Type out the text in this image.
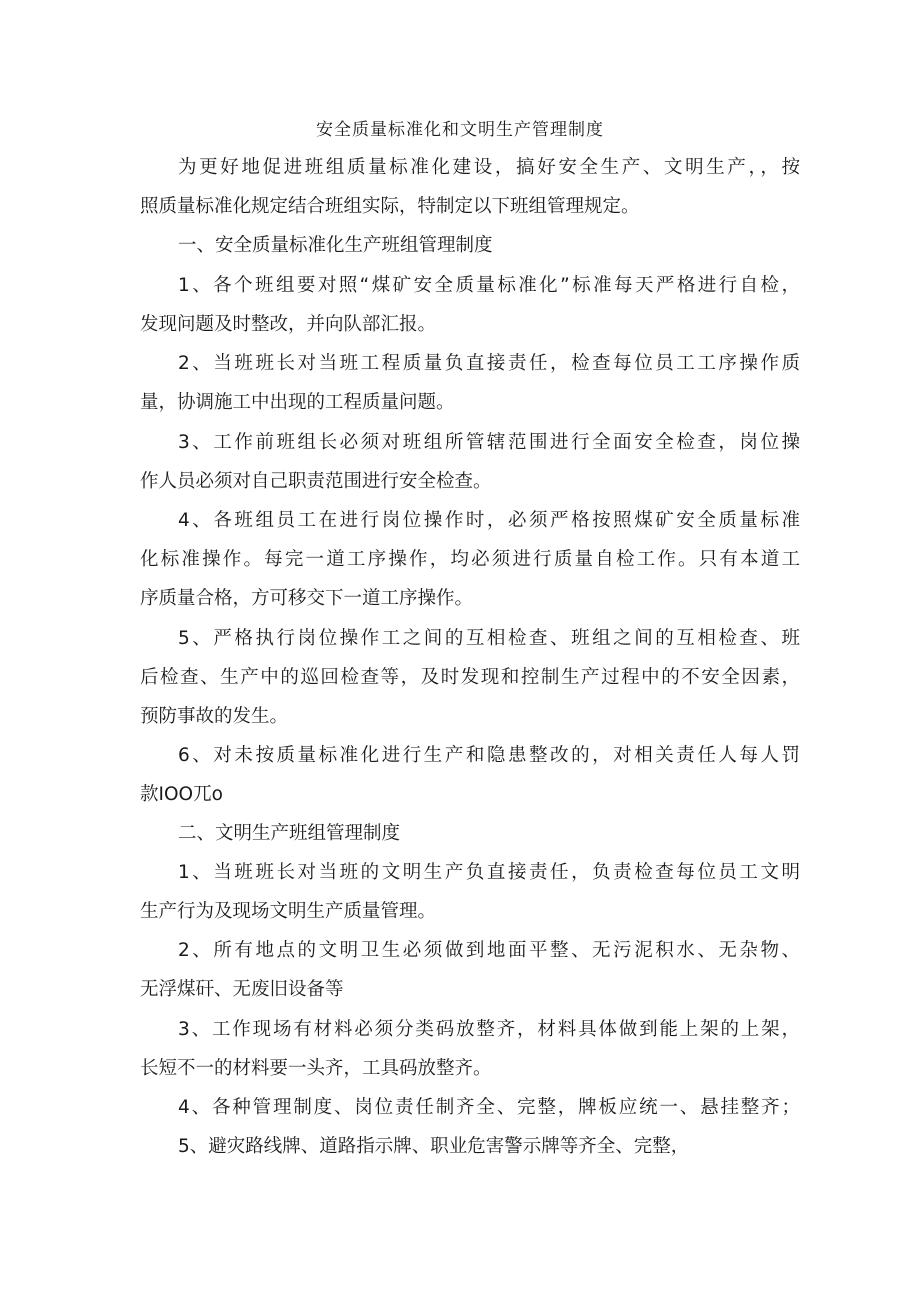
安全质量标准化和文明生产管理制度

为更好地促进班组质量标准化建设，搞好安全生产、文明生产，，按

照质量标准化规定结合班组实际，特制定以下班组管理规定。

一、安全质量标准化生产班组管理制度

1、各个班组要对照“煤矿安全质量标准化”标准每天严格进行自检，

发现问题及时整改，并向队部汇报。

2、当班班长对当班工程质量负直接责任，检查每位员工工序操作质

量，协调施工中出现的工程质量问题。

3、工作前班组长必须对班组所管辖范围进行全面安全检查，岗位操

作人员必须对自己职责范围进行安全检查。

4、各班组员工在进行岗位操作时，必须严格按照煤矿安全质量标准

化标准操作。每完一道工序操作，均必须进行质量自检工作。只有本道工

序质量合格，方可移交下一道工序操作。

5、严格执行岗位操作工之间的互相检查、班组之间的互相检查、班

后检查、生产中的巡回检查等，及时发现和控制生产过程中的不安全因素，

预防事故的发生。

6、对未按质量标准化进行生产和隐患整改的，对相关责任人每人罚

款IOO兀o

二、文明生产班组管理制度

1、当班班长对当班的文明生产负直接责任，负责检查每位员工文明

生产行为及现场文明生产质量管理。

2、所有地点的文明卫生必须做到地面平整、无污泥积水、无杂物、

无浮煤矸、无废旧设备等

3、工作现场有材料必须分类码放整齐，材料具体做到能上架的上架，

长短不一的材料要一头齐，工具码放整齐。

4、各种管理制度、岗位责任制齐全、完整，牌板应统一、悬挂整齐；

5、避灾路线牌、道路指示牌、职业危害警示牌等齐全、完整，
